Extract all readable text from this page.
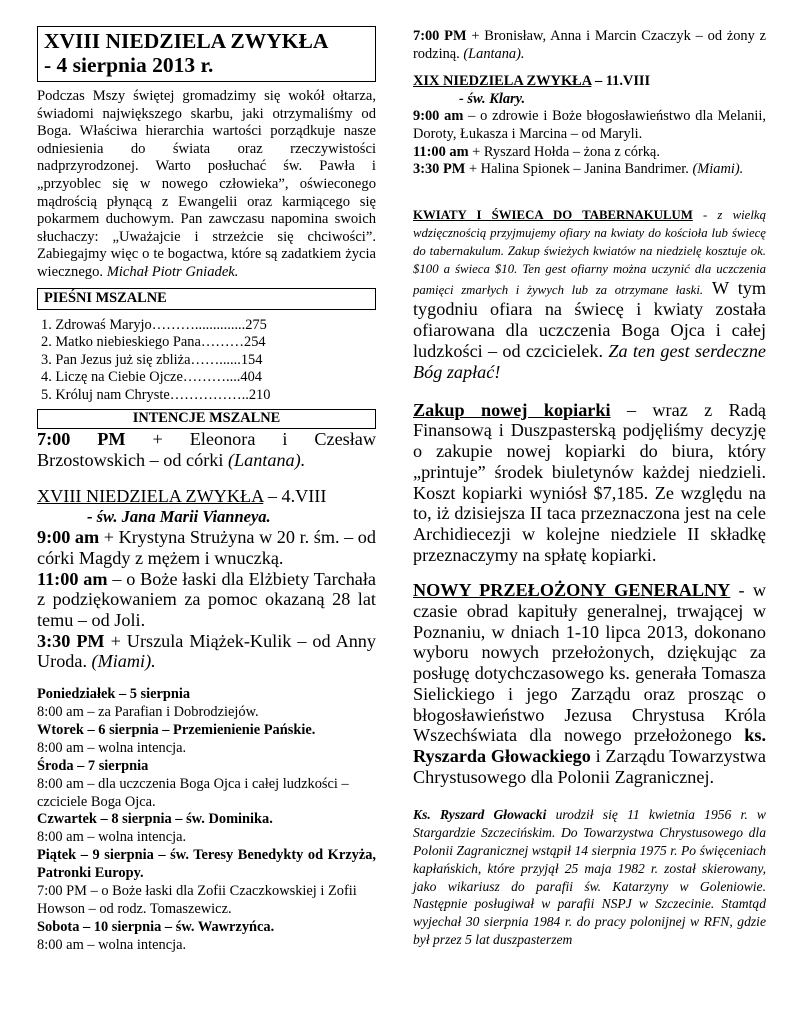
XVIII NIEDZIELA ZWYKŁA
- 4 sierpnia 2013 r.
Podczas Mszy świętej gromadzimy się wokół ołtarza, świadomi największego skarbu, jaki otrzymaliśmy od Boga. Właściwa hierarchia wartości porządkuje nasze odniesienia do świata oraz rzeczywistości nadprzyrodzonej. Warto posłuchać św. Pawła i „przyoblec się w nowego człowieka”, oświeconego mądrością płynącą z Ewangelii oraz karmiącego się pokarmem duchowym. Pan zawczasu napomina swoich słuchaczy: „Uważajcie i strzeżcie się chciwości”. Zabiegajmy więc o te bogactwa, które są zadatkiem życia wiecznego. Michał Piotr Gniadek.
PIEŚNI MSZALNE
1. Zdrowaś Maryjo………..............275
2. Matko niebieskiego Pana………254
3. Pan Jezus już się zbliża……......154
4. Liczę na Ciebie Ojcze………....404
5. Króluj nam Chryste……………..210
INTENCJE MSZALNE
7:00 PM + Eleonora i Czesław Brzostowskich – od córki (Lantana).
XVIII NIEDZIELA ZWYKŁA – 4.VIII
- św. Jana Marii Vianneya.
9:00 am + Krystyna Strużyna w 20 r. śm. – od córki Magdy z mężem i wnuczką.
11:00 am – o Boże łaski dla Elżbiety Tarchała z podziękowaniem za pomoc okazaną 28 lat temu – od Joli.
3:30 PM + Urszula Miążek-Kulik – od Anny Uroda. (Miami).
Poniedziałek – 5 sierpnia
8:00 am – za Parafian i Dobrodziejów.
Wtorek – 6 sierpnia – Przemienienie Pańskie.
8:00 am – wolna intencja.
Środa – 7 sierpnia
8:00 am – dla uczczenia Boga Ojca i całej ludzkości – czciciele Boga Ojca.
Czwartek – 8 sierpnia – św. Dominika.
8:00 am – wolna intencja.
Piątek – 9 sierpnia – św. Teresy Benedykty od Krzyża, Patronki Europy.
7:00 PM – o Boże łaski dla Zofii Czaczkowskiej i Zofii Howson – od rodz. Tomaszewicz.
Sobota – 10 sierpnia – św. Wawrzyńca.
8:00 am – wolna intencja.
7:00 PM + Bronisław, Anna i Marcin Czaczyk – od żony z rodziną. (Lantana).
XIX NIEDZIELA ZWYKŁA – 11.VIII
- św. Klary.
9:00 am – o zdrowie i Boże błogosławieństwo dla Melanii, Doroty, Łukasza i Marcina – od Maryli.
11:00 am + Ryszard Hołda – żona z córką.
3:30 PM + Halina Spionek – Janina Bandrimer. (Miami).
KWIATY I ŚWIECA DO TABERNAKULUM - z wielką wdzięcznością przyjmujemy ofiary na kwiaty do kościoła lub świecę do tabernakulum. Zakup świeżych kwiatów na niedzielę kosztuje ok. $100 a świeca $10. Ten gest ofiarny można uczynić dla uczczenia pamięci zmarłych i żywych lub za otrzymane łaski. W tym tygodniu ofiara na świecę i kwiaty została ofiarowana dla uczczenia Boga Ojca i całej ludzkości – od czcicielek. Za ten gest serdeczne Bóg zapłać!
Zakup nowej kopiarki – wraz z Radą Finansową i Duszpasterską podjęliśmy decyzję o zakupie nowej kopiarki do biura, który „printuje” środek biuletynów każdej niedzieli. Koszt kopiarki wyniósł $7,185. Ze względu na to, iż dzisiejsza II taca przeznaczona jest na cele Archidiecezji w kolejne niedziele II składkę przeznaczymy na spłatę kopiarki.
NOWY PRZEŁOŻONY GENERALNY - w czasie obrad kapituły generalnej, trwającej w Poznaniu, w dniach 1-10 lipca 2013, dokonano wyboru nowych przełożonych, dziękując za posługę dotychczasowego ks. generała Tomasza Sielickiego i jego Zarządu oraz prosząc o błogosławieństwo Jezusa Chrystusa Króla Wszechświata dla nowego przełożonego ks. Ryszarda Głowackiego i Zarządu Towarzystwa Chrystusowego dla Polonii Zagranicznej.
Ks. Ryszard Głowacki urodził się 11 kwietnia 1956 r. w Stargardzie Szczecińskim. Do Towarzystwa Chrystusowego dla Polonii Zagranicznej wstąpił 14 sierpnia 1975 r. Po święceniach kapłańskich, które przyjął 25 maja 1982 r. został skierowany, jako wikariusz do parafii św. Katarzyny w Goleniowie. Następnie posługiwał w parafii NSPJ w Szczecinie. Stamtąd wyjechał 30 sierpnia 1984 r. do pracy polonijnej w RFN, gdzie był przez 5 lat duszpasterzem
